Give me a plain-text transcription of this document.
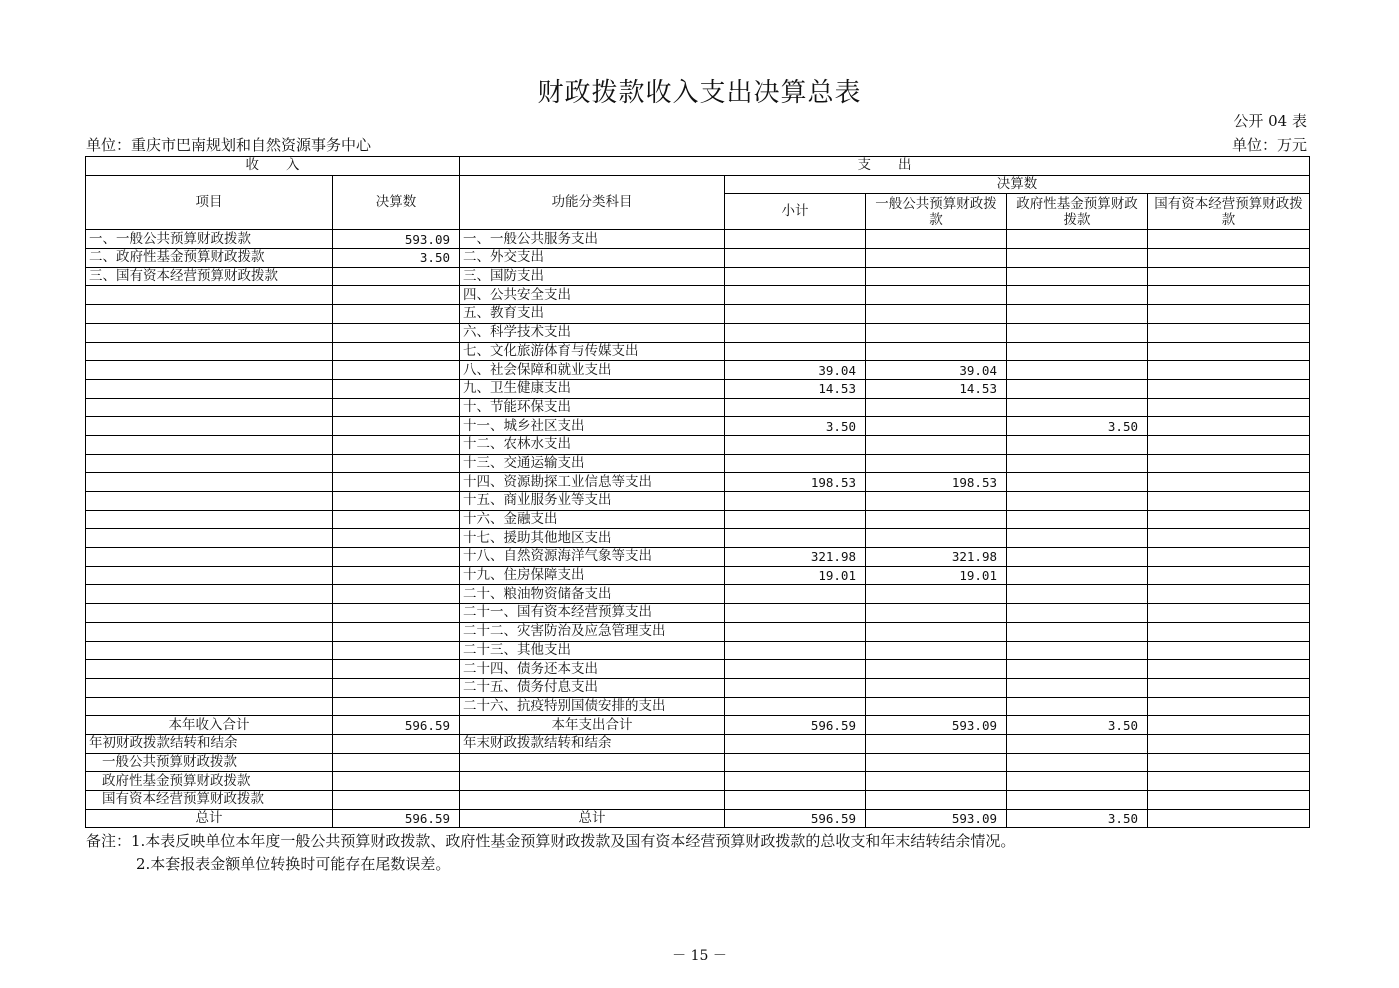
财政拨款收入支出决算总表
公开 04 表
单位：重庆市巴南规划和自然资源事务中心	单位：万元
收　　入		支　　出				
项目	决算数	功能分类科目	决算数			
			小计	一般公共预算财政拨款	政府性基金预算财政拨款	国有资本经营预算财政拨款
一、一般公共预算财政拨款	593.09	一、一般公共服务支出				
二、政府性基金预算财政拨款	3.50	二、外交支出				
三、国有资本经营预算财政拨款		三、国防支出				
		四、公共安全支出				
		五、教育支出				
		六、科学技术支出				
		七、文化旅游体育与传媒支出				
		八、社会保障和就业支出	39.04	39.04		
		九、卫生健康支出	14.53	14.53		
		十、节能环保支出				
		十一、城乡社区支出	3.50		3.50	
		十二、农林水支出				
		十三、交通运输支出				
		十四、资源勘探工业信息等支出	198.53	198.53		
		十五、商业服务业等支出				
		十六、金融支出				
		十七、援助其他地区支出				
		十八、自然资源海洋气象等支出	321.98	321.98		
		十九、住房保障支出	19.01	19.01		
		二十、粮油物资储备支出				
		二十一、国有资本经营预算支出				
		二十二、灾害防治及应急管理支出				
		二十三、其他支出				
		二十四、债务还本支出				
		二十五、债务付息支出				
		二十六、抗疫特别国债安排的支出				
本年收入合计	596.59	本年支出合计	596.59	593.09	3.50	
年初财政拨款结转和结余		年末财政拨款结转和结余				
一般公共预算财政拨款						
政府性基金预算财政拨款						
国有资本经营预算财政拨款						
总计	596.59	总计	596.59	593.09	3.50	
备注：1.本表反映单位本年度一般公共预算财政拨款、政府性基金预算财政拨款及国有资本经营预算财政拨款的总收支和年末结转结余情况。
2.本套报表金额单位转换时可能存在尾数误差。
－ 15 －
